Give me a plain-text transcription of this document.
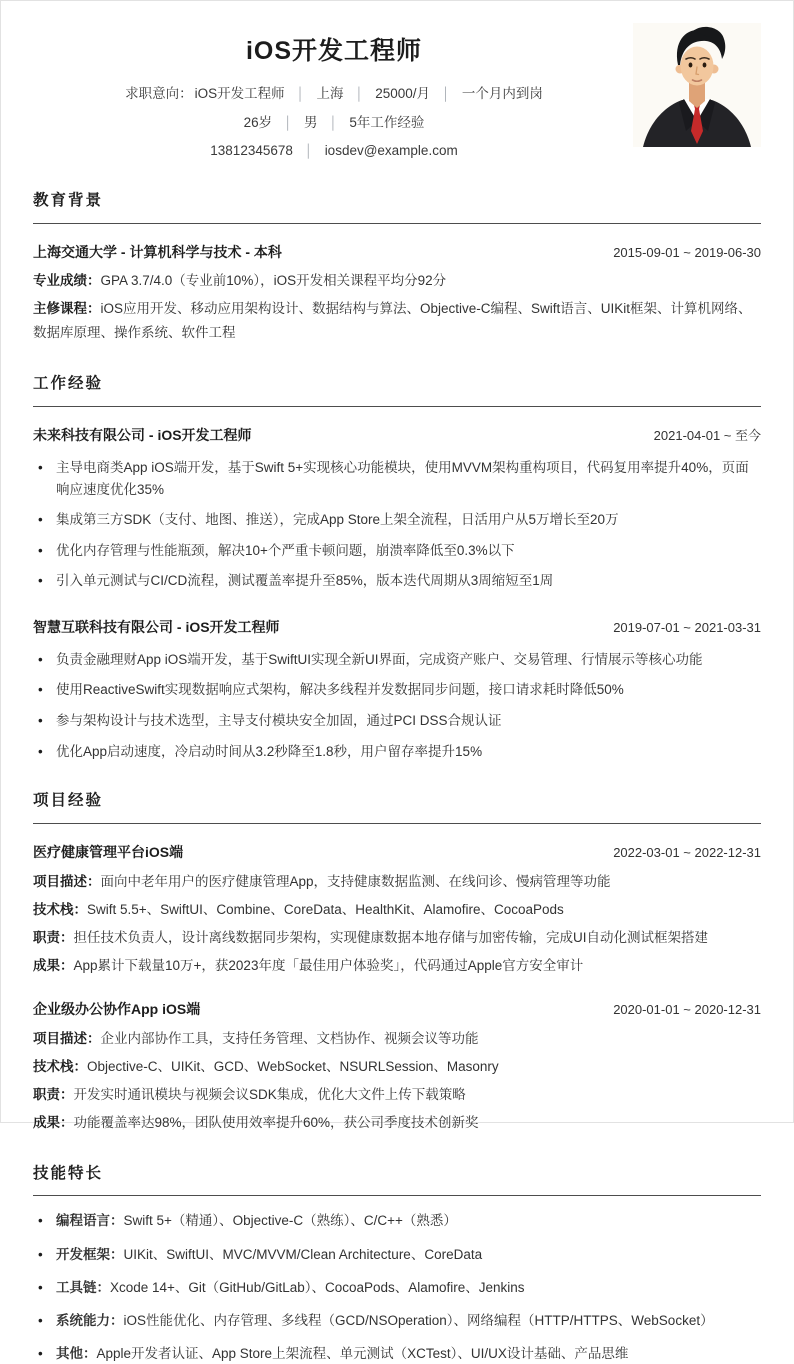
iOS开发工程师
求职意向： iOS开发工程师 │ 上海 │ 25000/月 │ 一个月内到岗
26岁 │ 男 │ 5年工作经验
13812345678 │ iosdev@example.com
教育背景
上海交通大学 - 计算机科学与技术 - 本科	2015-09-01 ~ 2019-06-30
专业成绩：GPA 3.7/4.0（专业前10%），iOS开发相关课程平均分92分
主修课程：iOS应用开发、移动应用架构设计、数据结构与算法、Objective-C编程、Swift语言、UIKit框架、计算机网络、数据库原理、操作系统、软件工程
工作经验
未来科技有限公司 - iOS开发工程师	2021-04-01 ~ 至今
• 主导电商类App iOS端开发，基于Swift 5+实现核心功能模块，使用MVVM架构重构项目，代码复用率提升40%，页面响应速度优化35%
• 集成第三方SDK（支付、地图、推送），完成App Store上架全流程，日活用户从5万增长至20万
• 优化内存管理与性能瓶颈，解决10+个严重卡顿问题，崩溃率降低至0.3%以下
• 引入单元测试与CI/CD流程，测试覆盖率提升至85%，版本迭代周期从3周缩短至1周
智慧互联科技有限公司 - iOS开发工程师	2019-07-01 ~ 2021-03-31
• 负责金融理财App iOS端开发，基于SwiftUI实现全新UI界面，完成资产账户、交易管理、行情展示等核心功能
• 使用ReactiveSwift实现数据响应式架构，解决多线程并发数据同步问题，接口请求耗时降低50%
• 参与架构设计与技术选型，主导支付模块安全加固，通过PCI DSS合规认证
• 优化App启动速度，冷启动时间从3.2秒降至1.8秒，用户留存率提升15%
项目经验
医疗健康管理平台iOS端	2022-03-01 ~ 2022-12-31
项目描述：面向中老年用户的医疗健康管理App，支持健康数据监测、在线问诊、慢病管理等功能
技术栈：Swift 5.5+、SwiftUI、Combine、CoreData、HealthKit、Alamofire、CocoaPods
职责：担任技术负责人，设计离线数据同步架构，实现健康数据本地存储与加密传输，完成UI自动化测试框架搭建
成果：App累计下载量10万+，获2023年度「最佳用户体验奖」，代码通过Apple官方安全审计
企业级办公协作App iOS端	2020-01-01 ~ 2020-12-31
项目描述：企业内部协作工具，支持任务管理、文档协作、视频会议等功能
技术栈：Objective-C、UIKit、GCD、WebSocket、NSURLSession、Masonry
职责：开发实时通讯模块与视频会议SDK集成，优化大文件上传下载策略
成果：功能覆盖率达98%，团队使用效率提升60%，获公司季度技术创新奖
技能特长
• 编程语言：Swift 5+（精通）、Objective-C（熟练）、C/C++（熟悉）
• 开发框架：UIKit、SwiftUI、MVC/MVVM/Clean Architecture、CoreData
• 工具链：Xcode 14+、Git（GitHub/GitLab）、CocoaPods、Alamofire、Jenkins
• 系统能力：iOS性能优化、内存管理、多线程（GCD/NSOperation）、网络编程（HTTP/HTTPS、WebSocket）
• 其他：Apple开发者认证、App Store上架流程、单元测试（XCTest）、UI/UX设计基础、产品思维
